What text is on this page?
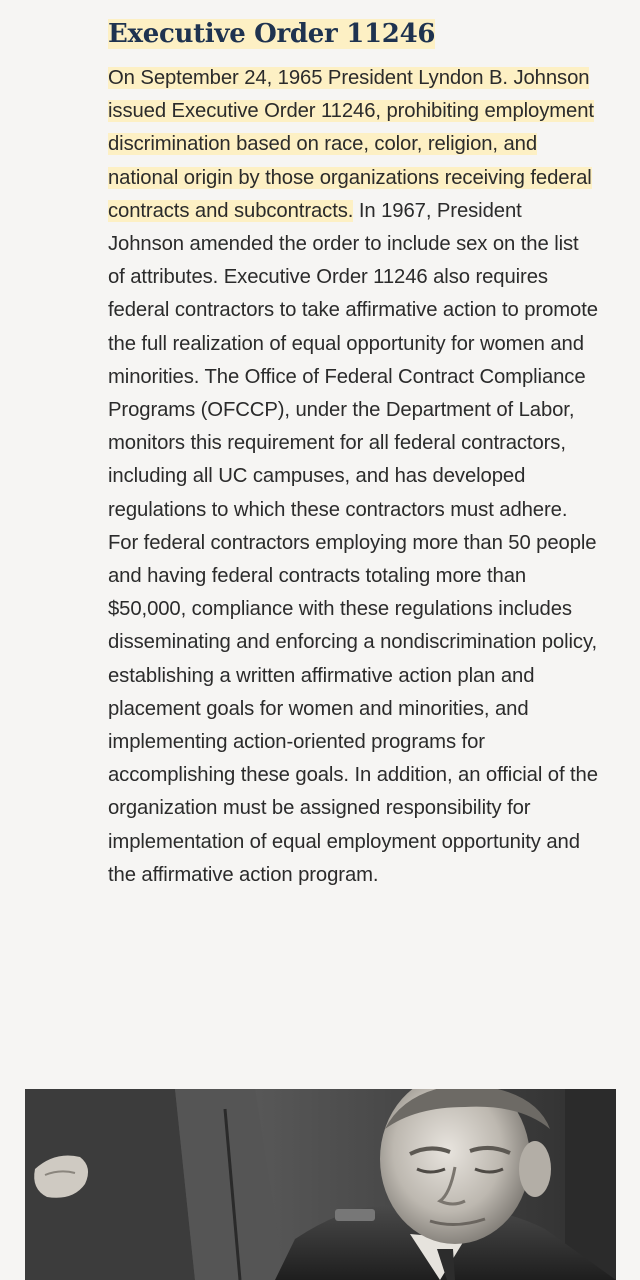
Executive Order 11246

On September 24, 1965 President Lyndon B. Johnson issued Executive Order 11246, prohibiting employment discrimination based on race, color, religion, and national origin by those organizations receiving federal contracts and subcontracts. In 1967, President Johnson amended the order to include sex on the list of attributes. Executive Order 11246 also requires federal contractors to take affirmative action to promote the full realization of equal opportunity for women and minorities. The Office of Federal Contract Compliance Programs (OFCCP), under the Department of Labor, monitors this requirement for all federal contractors, including all UC campuses, and has developed regulations to which these contractors must adhere. For federal contractors employing more than 50 people and having federal contracts totaling more than $50,000, compliance with these regulations includes disseminating and enforcing a nondiscrimination policy, establishing a written affirmative action plan and placement goals for women and minorities, and implementing action-oriented programs for accomplishing these goals. In addition, an official of the organization must be assigned responsibility for implementation of equal employment opportunity and the affirmative action program.
